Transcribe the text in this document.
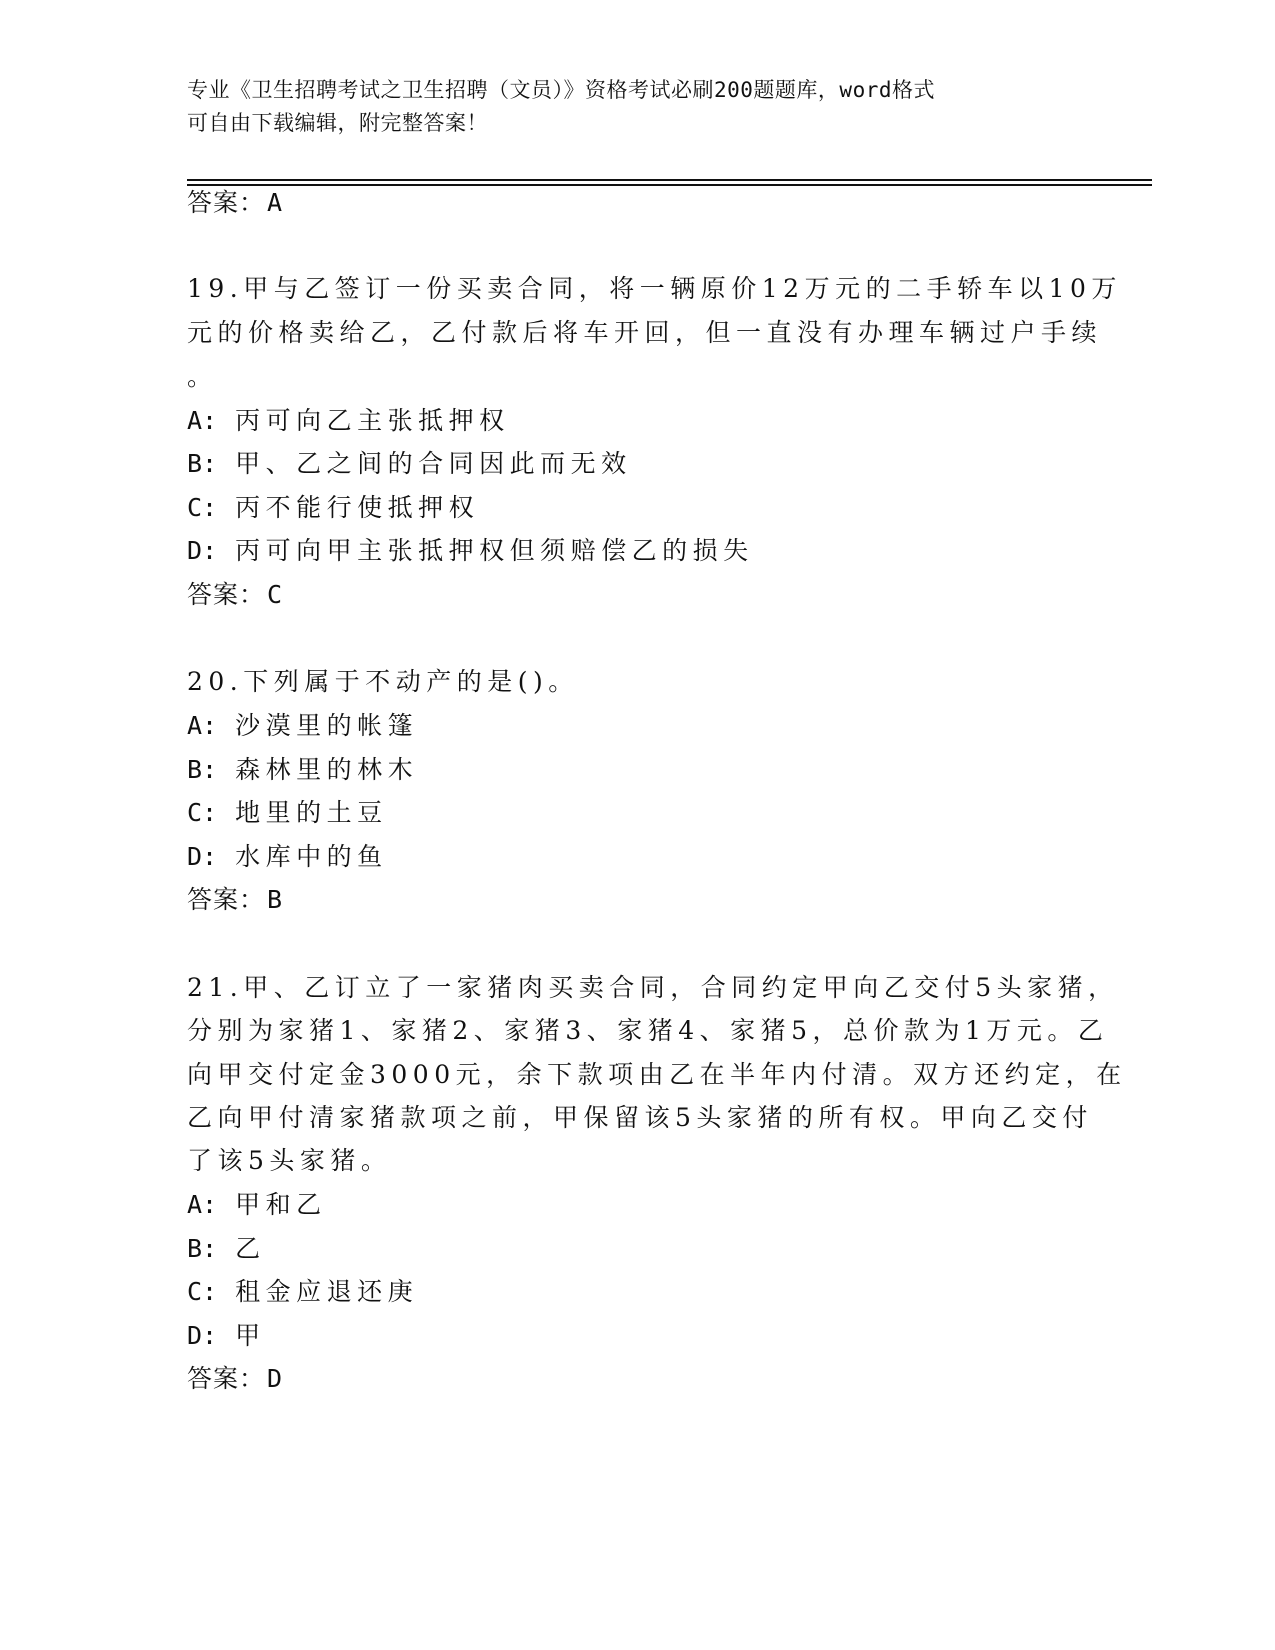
专业《卫生招聘考试之卫生招聘（文员）》资格考试必刷200题题库，word格式
可自由下载编辑，附完整答案！
答案：A
19.甲与乙签订一份买卖合同，将一辆原价12万元的二手轿车以10万
元的价格卖给乙，乙付款后将车开回，但一直没有办理车辆过户手续
。
A: 丙可向乙主张抵押权
B: 甲、乙之间的合同因此而无效
C: 丙不能行使抵押权
D: 丙可向甲主张抵押权但须赔偿乙的损失
答案：C
20.下列属于不动产的是()。
A: 沙漠里的帐篷
B: 森林里的林木
C: 地里的土豆
D: 水库中的鱼
答案：B
21.甲、乙订立了一家猪肉买卖合同，合同约定甲向乙交付5头家猪，
分别为家猪1、家猪2、家猪3、家猪4、家猪5，总价款为1万元。乙
向甲交付定金3000元，余下款项由乙在半年内付清。双方还约定，在
乙向甲付清家猪款项之前，甲保留该5头家猪的所有权。甲向乙交付
了该5头家猪。
A: 甲和乙
B: 乙
C: 租金应退还庚
D: 甲
答案：D
